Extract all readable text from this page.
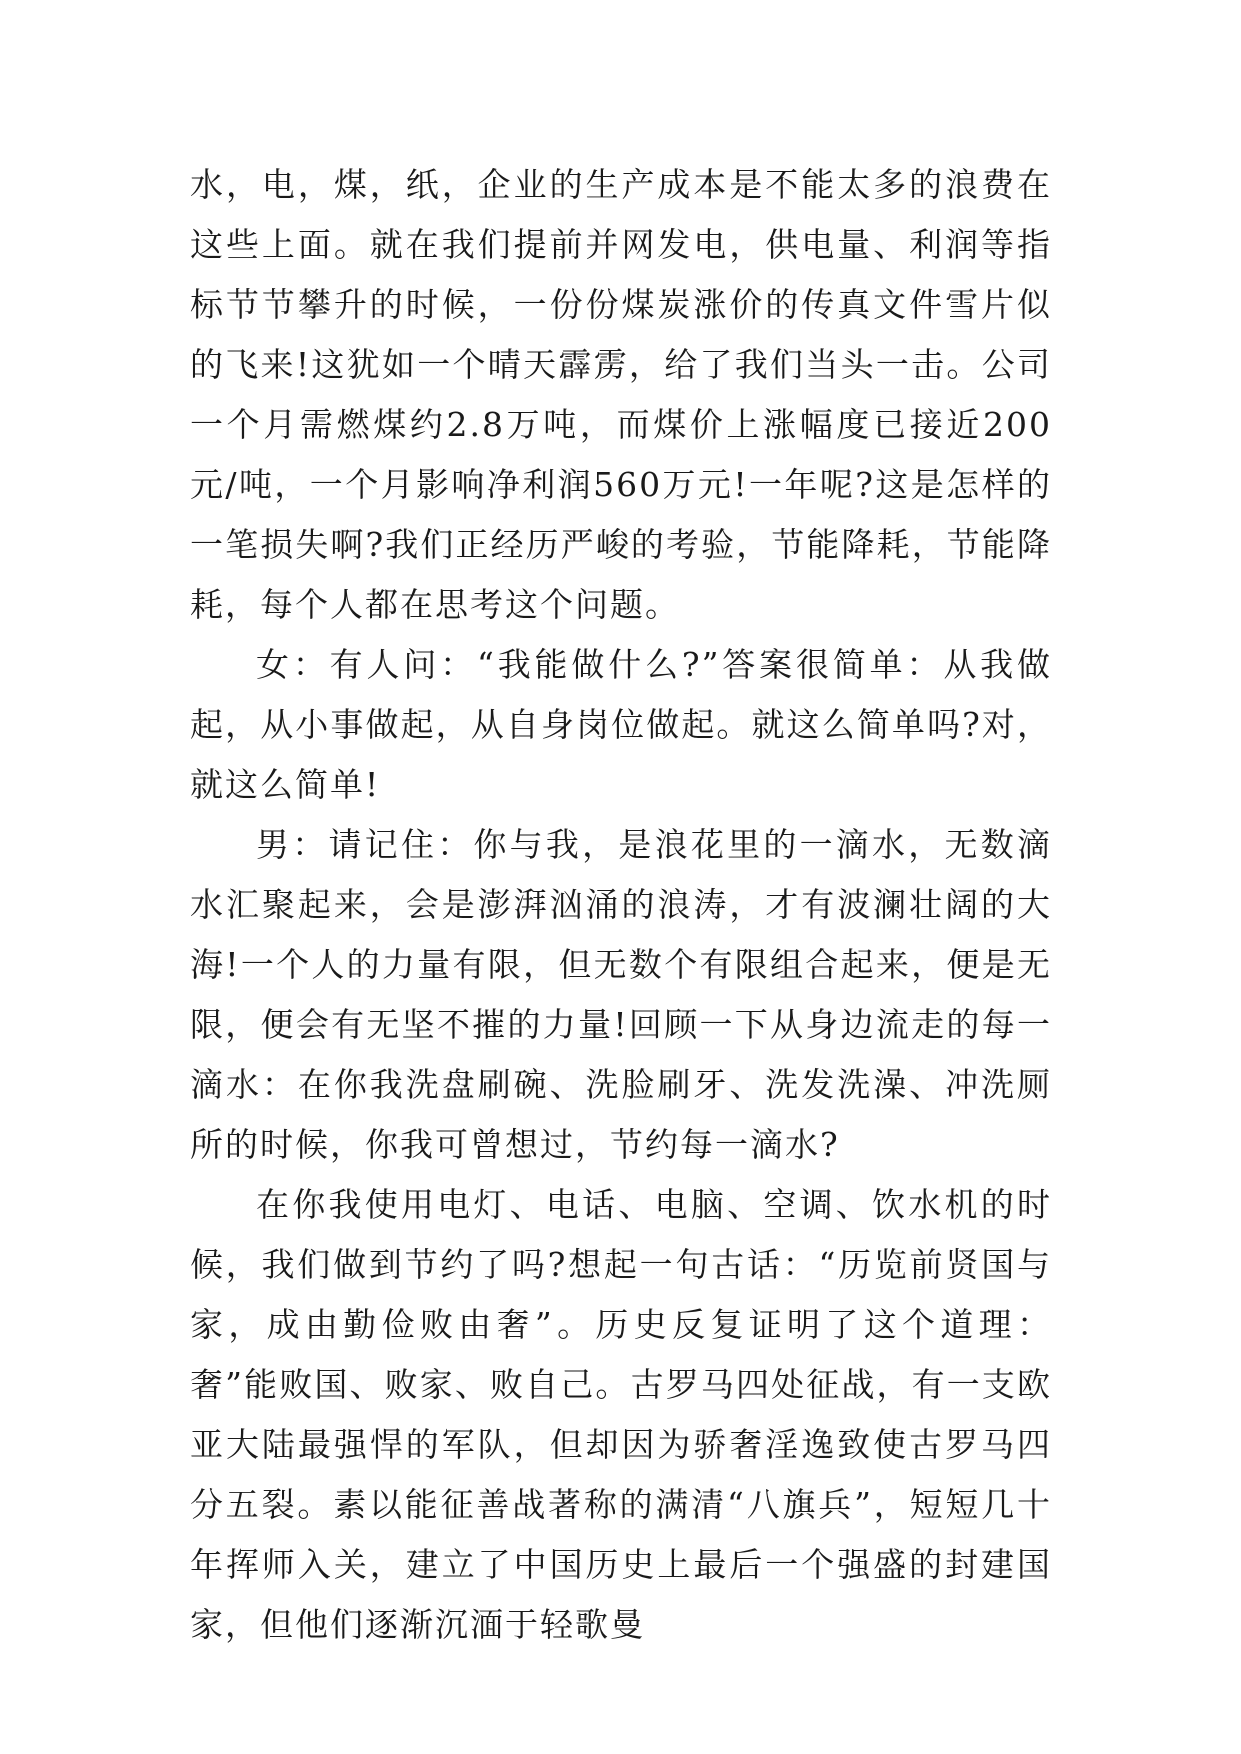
水，电，煤，纸，企业的生产成本是不能太多的浪费在这些上面。就在我们提前并网发电，供电量、利润等指标节节攀升的时候，一份份煤炭涨价的传真文件雪片似的飞来!这犹如一个晴天霹雳，给了我们当头一击。公司一个月需燃煤约2.8万吨，而煤价上涨幅度已接近200元/吨，一个月影响净利润560万元!一年呢?这是怎样的一笔损失啊?我们正经历严峻的考验，节能降耗，节能降耗，每个人都在思考这个问题。

女：有人问：“我能做什么?”答案很简单：从我做起，从小事做起，从自身岗位做起。就这么简单吗?对，就这么简单!

男：请记住：你与我，是浪花里的一滴水，无数滴水汇聚起来，会是澎湃汹涌的浪涛，才有波澜壮阔的大海!一个人的力量有限，但无数个有限组合起来，便是无限，便会有无坚不摧的力量!回顾一下从身边流走的每一滴水：在你我洗盘刷碗、洗脸刷牙、洗发洗澡、冲洗厕所的时候，你我可曾想过，节约每一滴水?

在你我使用电灯、电话、电脑、空调、饮水机的时候，我们做到节约了吗?想起一句古话：“历览前贤国与家，成由勤俭败由奢”。历史反复证明了这个道理：奢”能败国、败家、败自己。古罗马四处征战，有一支欧亚大陆最强悍的军队，但却因为骄奢淫逸致使古罗马四分五裂。素以能征善战著称的满清“八旗兵”，短短几十年挥师入关，建立了中国历史上最后一个强盛的封建国家，但他们逐渐沉湎于轻歌曼
